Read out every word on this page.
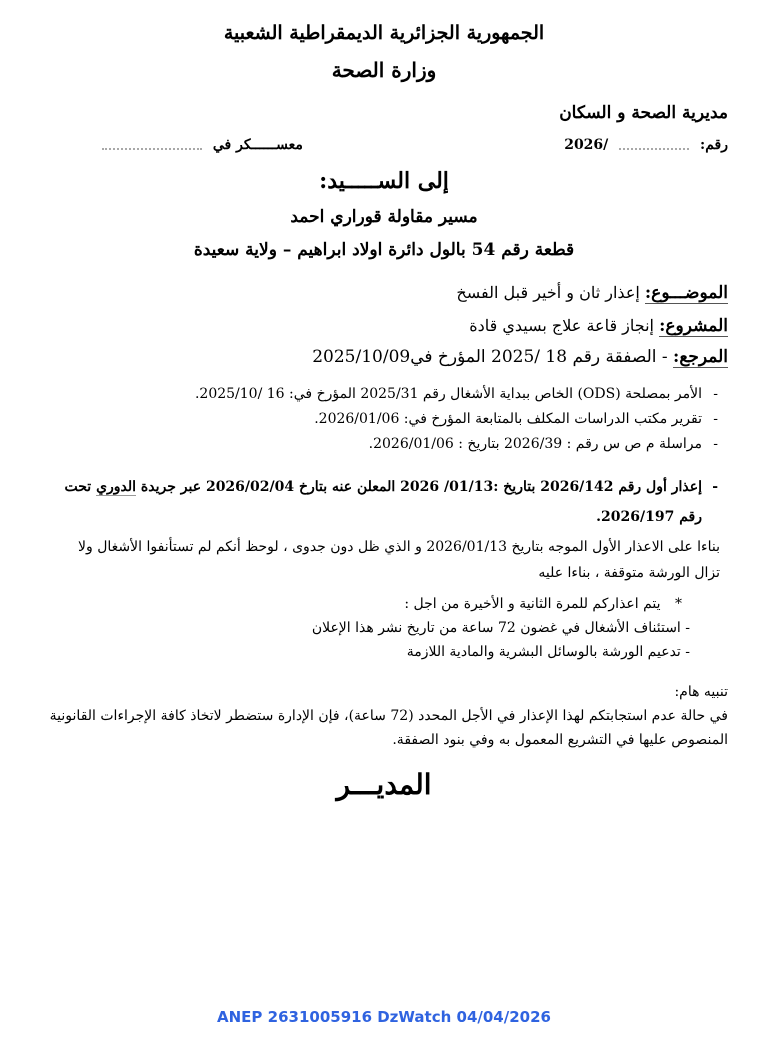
الجمهورية الجزائرية الديمقراطية الشعبية
وزارة الصحة
مديرية الصحة و السكان
رقم:  /2026
معســــــكر في
إلى الســـــيد:
مسير مقاولة قوراري احمد
قطعة رقم 54 بالول دائرة اولاد ابراهيم – ولاية سعيدة
الموضـــوع: إعذار ثان و أخير قبل الفسخ
المشروع: إنجاز قاعة علاج بسيدي قادة
المرجع: - الصفقة رقم 18 /2025 المؤرخ في2025/10/09
-
الأمر بمصلحة (ODS) الخاص ببداية الأشغال رقم 2025/31 المؤرخ في: 16 /2025/10.
-
تقرير مكتب الدراسات المكلف بالمتابعة المؤرخ في: 2026/01/06.
-
مراسلة م ص س رقم : 2026/39 بتاريخ : 2026/01/06.
-
إعذار أول رقم 2026/142 بتاريخ :01/13/ 2026 المعلن عنه بتارخ 2026/02/04 عبر جريدة الدوري تحت رقم 2026/197.
بناءا على الاعذار الأول الموجه بتاريخ 2026/01/13 و الذي ظل دون جدوى ، لوحظ أنكم لم تستأنفوا الأشغال ولا تزال الورشة متوقفة ، بناءا عليه
* يتم اعذاركم للمرة الثانية و الأخيرة من اجل :
- استئناف الأشغال في غضون 72 ساعة من تاريخ نشر هذا الإعلان
- تدعيم الورشة بالوسائل البشرية والمادية اللازمة
تنبيه هام:
في حالة عدم استجابتكم لهذا الإعذار في الأجل المحدد (72 ساعة)، فإن الإدارة ستضطر لاتخاذ كافة الإجراءات القانونية المنصوص عليها في التشريع المعمول به وفي بنود الصفقة.
المديـــر
ANEP 2631005916 DzWatch 04/04/2026
